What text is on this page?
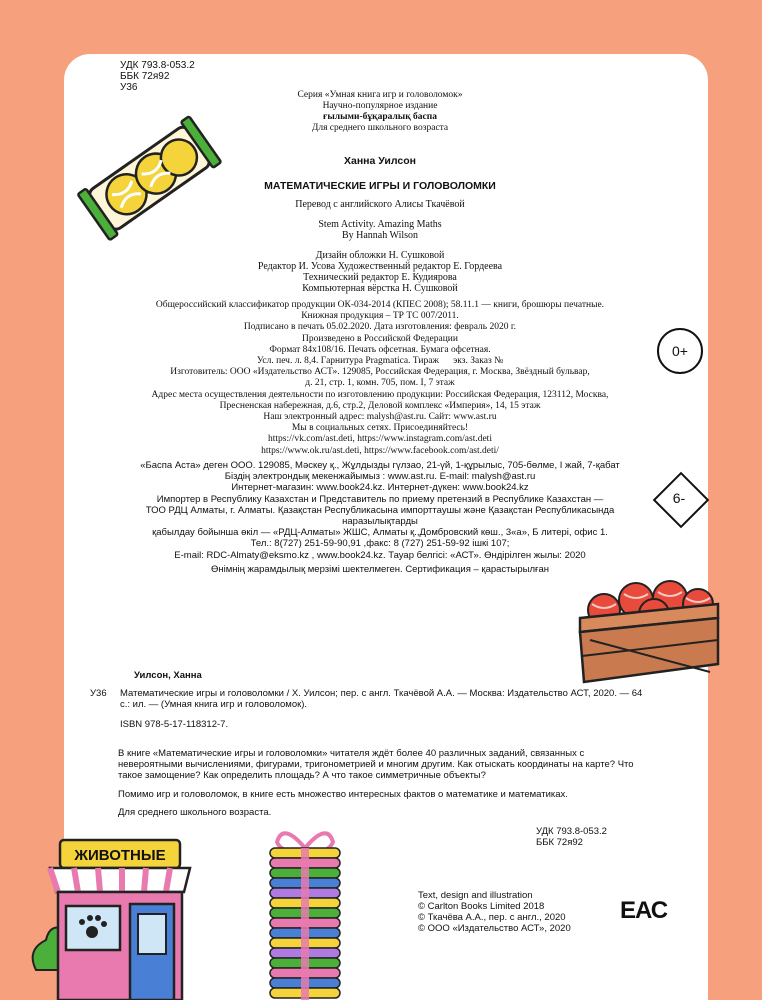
УДК 793.8-053.2
ББК 72я92
У36
Серия «Умная книга игр и головоломок»
Научно-популярное издание
ғылыми-бұқаралық баспа
Для среднего школьного возраста
Ханна Уилсон
МАТЕМАТИЧЕСКИЕ ИГРЫ И ГОЛОВОЛОМКИ
Перевод с английского Алисы Ткачёвой
Stem Activity. Amazing Maths
By Hannah Wilson
Дизайн обложки Н. Сушковой
Редактор И. Усова Художественный редактор Е. Гордеева
Технический редактор Е. Кудиярова
Компьютерная вёрстка Н. Сушковой
Общероссийский классификатор продукции ОК-034-2014 (КПЕС 2008); 58.11.1 — книги, брошюры печатные.
Книжная продукция – ТР ТС 007/2011.
Подписано в печать 05.02.2020. Дата изготовления: февраль 2020 г.
Произведено в Российской Федерации
Формат 84x108/16. Печать офсетная. Бумага офсетная.
Усл. печ. л. 8,4. Гарнитура Pragmatica. Тираж      экз. Заказ №
Изготовитель: ООО «Издательство АСТ». 129085, Российская Федерация, г. Москва, Звёздный бульвар,
д. 21, стр. 1, комн. 705, пом. I, 7 этаж
Адрес места осуществления деятельности по изготовлению продукции: Российская Федерация, 123112, Москва,
Пресненская набережная, д.6, стр.2, Деловой комплекс «Империя», 14, 15 этаж
Наш электронный адрес: malysh@ast.ru. Сайт: www.ast.ru
Мы в социальных сетях. Присоединяйтесь!
https://vk.com/ast.deti, https://www.instagram.com/ast.deti
https://www.ok.ru/ast.deti, https://www.facebook.com/ast.deti/
«Баспа Аста» деген ООО. 129085, Мәскеу қ., Жұлдызды гүлзао, 21-үй, 1-құрылыс, 705-бөлме, I жай, 7-қабат
Біздің электрондық мекенжайымыз : www.ast.ru. E-mail: malysh@ast.ru
Интернет-магазин: www.book24.kz. Интернет-дүкен: www.book24.kz
Импортер в Республику Казахстан и Представитель по приему претензий в Республике Казахстан —
ТОО РДЦ Алматы, г. Алматы. Қазақстан Республикасына импорттаушы және Қазақстан Республикасында
наразылықтарды
қабылдау бойынша өкіл — «РДЦ-Алматы» ЖШС, Алматы қ.,Домбровский көш., 3«а», Б литері, офис 1.
Тел.: 8(727) 251-59-90,91 ,факс: 8 (727) 251-59-92 ішкі 107;
E-mail: RDC-Almaty@eksmo.kz , www.book24.kz. Тауар белгісі: «АСТ». Өндірілген жылы: 2020
Өнімнің жарамдылық мерзімі шектелмеген. Сертификация – қарастырылған
0+
6-
Уилсон, Ханна
У36	Математические игры и головоломки / Х. Уилсон; пер. с англ. Ткачёвой А.А. — Москва: Издательство АСТ, 2020. — 64 с.: ил. — (Умная книга игр и головоломок).

ISBN 978-5-17-118312-7.

В книге «Математические игры и головоломки» читателя ждёт более 40 различных заданий, связанных с невероятными вычислениями, фигурами, тригонометрией и многим другим. Как отыскать координаты на карте? Что такое замощение? Как определить площадь? А что такое симметричные объекты?

Помимо игр и головоломок, в книге есть множество интересных фактов о математике и математиках.

Для среднего школьного возраста.

УДК 793.8-053.2
ББК 72я92
Text, design and illustration
© Carlton Books Limited 2018
© Ткачёва А.А., пер. с англ., 2020
© ООО «Издательство АСТ», 2020
ЕАС
ЖИВОТНЫЕ
